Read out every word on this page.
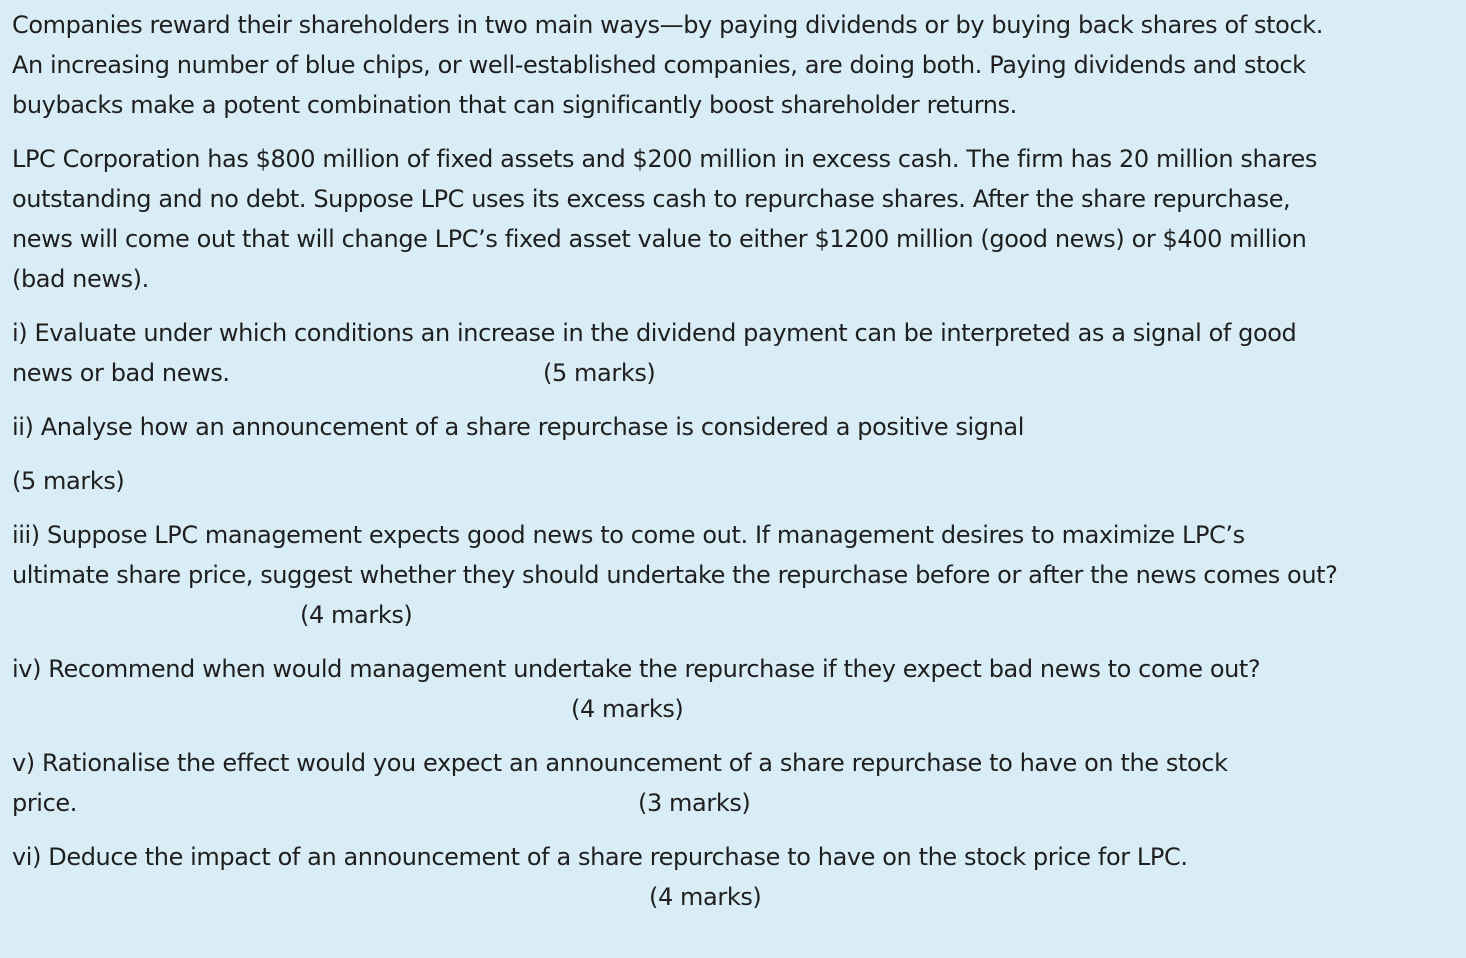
Companies reward their shareholders in two main ways—by paying dividends or by buying back shares of stock.
An increasing number of blue chips, or well-established companies, are doing both. Paying dividends and stock
buybacks make a potent combination that can significantly boost shareholder returns.
LPC Corporation has $800 million of fixed assets and $200 million in excess cash. The firm has 20 million shares
outstanding and no debt. Suppose LPC uses its excess cash to repurchase shares. After the share repurchase,
news will come out that will change LPC’s fixed asset value to either $1200 million (good news) or $400 million
(bad news).
i) Evaluate under which conditions an increase in the dividend payment can be interpreted as a signal of good
news or bad news.	(5 marks)
ii) Analyse how an announcement of a share repurchase is considered a positive signal
(5 marks)
iii) Suppose LPC management expects good news to come out. If management desires to maximize LPC’s
ultimate share price, suggest whether they should undertake the repurchase before or after the news comes out?
(4 marks)
iv) Recommend when would management undertake the repurchase if they expect bad news to come out?
(4 marks)
v) Rationalise the effect would you expect an announcement of a share repurchase to have on the stock
price.	(3 marks)
vi) Deduce the impact of an announcement of a share repurchase to have on the stock price for LPC.
(4 marks)
